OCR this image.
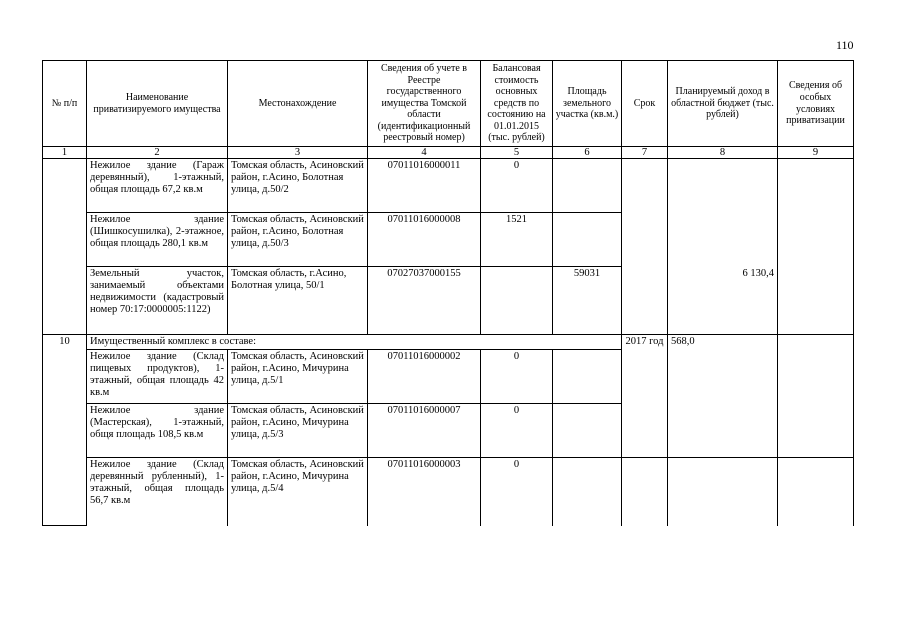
110
№ п/п	Наименование приватизируемого имущества	Местонахождение	Сведения об учете в Реестре государственного имущества Томской области (идентификационный реестровый номер)	Балансовая стоимость основных средств по состоянию на 01.01.2015 (тыс. рублей)	Площадь земельного участка (кв.м.)	Срок	Планируемый доход в областной бюджет (тыс. рублей)	Сведения об особых условиях приватизации
1	2	3	4	5	6	7	8	9
	Нежилое здание (Гараж деревянный), 1-этажный, общая площадь 67,2 кв.м	Томская область, Асиновский район, г.Асино, Болотная улица, д.50/2	07011016000011	0				
	Нежилое здание (Шишкосушилка), 2-этажное, общая площадь 280,1 кв.м	Томская область, Асиновский район, г.Асино, Болотная улица, д.50/3	07011016000008	1521				
	Земельный участок, занимаемый объектами недвижимости (кадастровый номер 70:17:0000005:1122)	Томская область, г.Асино, Болотная улица, 50/1	07027037000155		59031		6 130,4	
10	Имущественный комплекс в составе:					2017 год	568,0	
	Нежилое здание (Склад пищевых продуктов), 1-этажный, общая площадь 42 кв.м	Томская область, Асиновский район, г.Асино, Мичурина улица, д.5/1	07011016000002	0				
	Нежилое здание (Мастерская), 1-этажный, общя площадь 108,5 кв.м	Томская область, Асиновский район, г.Асино, Мичурина улица, д.5/3	07011016000007	0				
	Нежилое здание (Склад деревянный рубленный), 1-этажный, общая площадь 56,7 кв.м	Томская область, Асиновский район, г.Асино, Мичурина улица, д.5/4	07011016000003	0				
